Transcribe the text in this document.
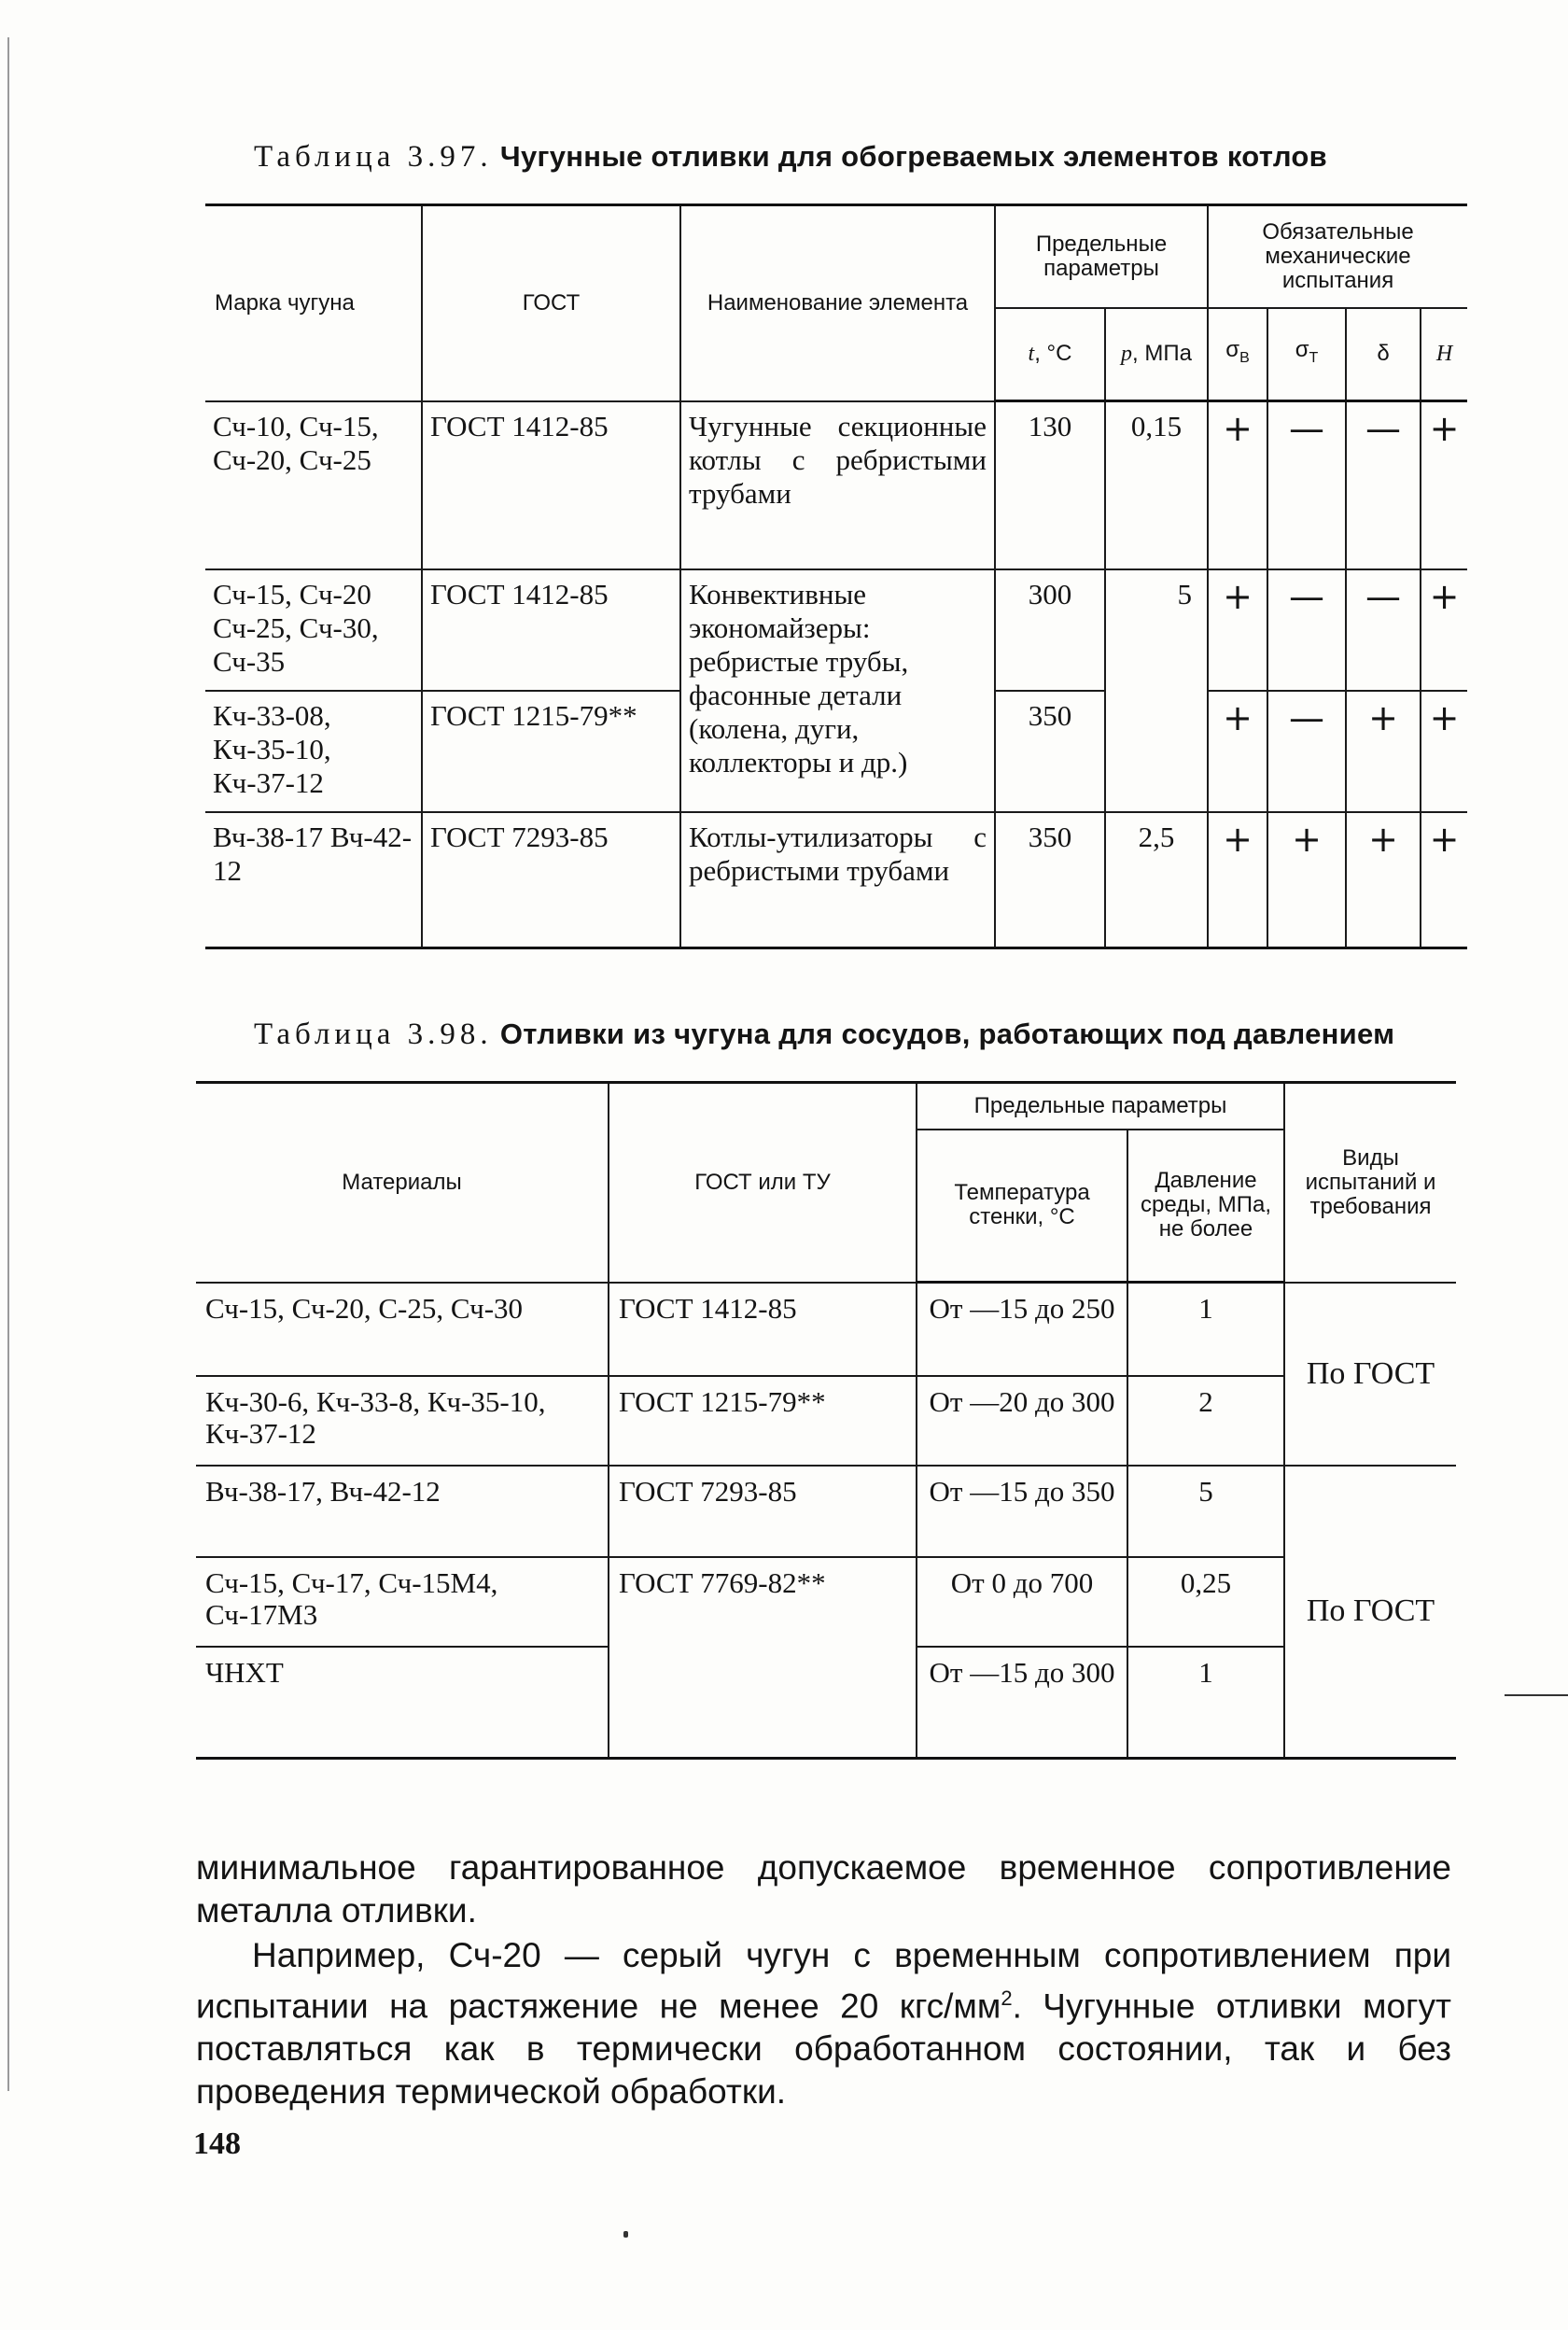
Таблица 3.97. Чугунные отливки для обогреваемых элементов котлов
Марка чугуна	ГОСТ	Наименование элемента	Предельные параметры		Обязательные механические испытания			
			t, °С	p, МПа	$\sigma_В$	$\sigma_Т$	δ	H
Сч-10, Сч-15, Сч-20, Сч-25	ГОСТ 1412-85	Чугунные секционные котлы с ребристыми трубами	130	0,15	+	—	—	+
Сч-15, Сч-20 Сч-25, Сч-30, Сч-35	ГОСТ 1412-85	Конвективные экономайзеры: ребристые трубы, фасонные детали (колена, дуги, коллекторы и др.)	300	5	+	—	—	+
Кч-33-08, Кч-35-10, Кч-37-12	ГОСТ 1215-79**		350		+	—	+	+
Вч-38-17 Вч-42-12	ГОСТ 7293-85	Котлы-утилизаторы с ребристыми трубами	350	2,5	+	+	+	+
Таблица 3.98. Отливки из чугуна для сосудов, работающих под давлением
Материалы	ГОСТ или ТУ	Предельные параметры		Виды испытаний и требования
		Температура стенки, °С	Давление среды, МПа, не более	
Сч-15, Сч-20, С-25, Сч-30	ГОСТ 1412-85	От —15 до 250	1	По ГОСТ
Кч-30-6, Кч-33-8, Кч-35-10, Кч-37-12	ГОСТ 1215-79**	От —20 до 300	2	
Вч-38-17, Вч-42-12	ГОСТ 7293-85	От —15 до 350	5	По ГОСТ
Сч-15, Сч-17, Сч-15М4, Сч-17М3	ГОСТ 7769-82**	От 0 до 700	0,25	
ЧНХТ		От —15 до 300	1	
минимальное гарантированное допускаемое временное сопротивление металла отливки.
Например, Сч-20 — серый чугун с временным сопротивлением при испытании на растяжение не менее 20 кгс/$мм^2$. Чугунные отливки могут поставляться как в термически обработанном состоянии, так и без проведения термической обработки.
148
